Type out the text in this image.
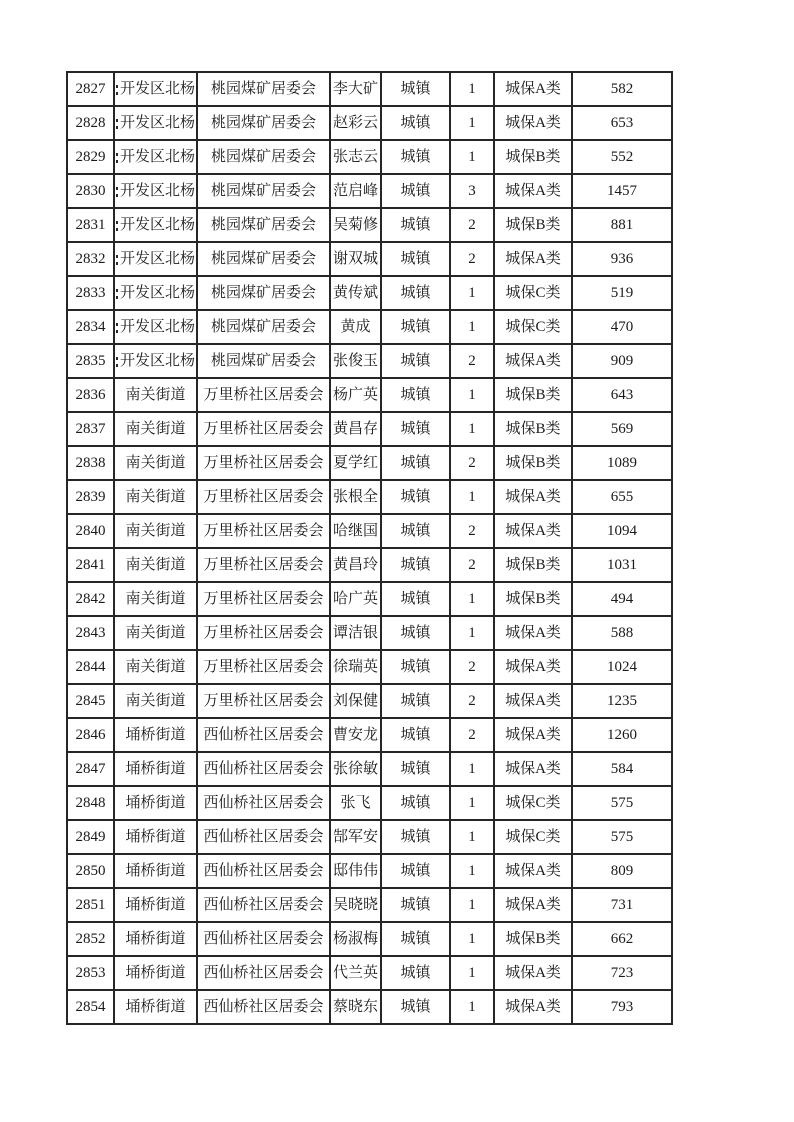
2827	开发区北杨	桃园煤矿居委会	李大矿	城镇	1	城保A类	582
2828	开发区北杨	桃园煤矿居委会	赵彩云	城镇	1	城保A类	653
2829	开发区北杨	桃园煤矿居委会	张志云	城镇	1	城保B类	552
2830	开发区北杨	桃园煤矿居委会	范启峰	城镇	3	城保A类	1457
2831	开发区北杨	桃园煤矿居委会	吴菊修	城镇	2	城保B类	881
2832	开发区北杨	桃园煤矿居委会	谢双城	城镇	2	城保A类	936
2833	开发区北杨	桃园煤矿居委会	黄传斌	城镇	1	城保C类	519
2834	开发区北杨	桃园煤矿居委会	黄成	城镇	1	城保C类	470
2835	开发区北杨	桃园煤矿居委会	张俊玉	城镇	2	城保A类	909
2836	南关街道	万里桥社区居委会	杨广英	城镇	1	城保B类	643
2837	南关街道	万里桥社区居委会	黄昌存	城镇	1	城保B类	569
2838	南关街道	万里桥社区居委会	夏学红	城镇	2	城保B类	1089
2839	南关街道	万里桥社区居委会	张根全	城镇	1	城保A类	655
2840	南关街道	万里桥社区居委会	哈继国	城镇	2	城保A类	1094
2841	南关街道	万里桥社区居委会	黄昌玲	城镇	2	城保B类	1031
2842	南关街道	万里桥社区居委会	哈广英	城镇	1	城保B类	494
2843	南关街道	万里桥社区居委会	谭洁银	城镇	1	城保A类	588
2844	南关街道	万里桥社区居委会	徐瑞英	城镇	2	城保A类	1024
2845	南关街道	万里桥社区居委会	刘保健	城镇	2	城保A类	1235
2846	埇桥街道	西仙桥社区居委会	曹安龙	城镇	2	城保A类	1260
2847	埇桥街道	西仙桥社区居委会	张徐敏	城镇	1	城保A类	584
2848	埇桥街道	西仙桥社区居委会	张飞	城镇	1	城保C类	575
2849	埇桥街道	西仙桥社区居委会	郜军安	城镇	1	城保C类	575
2850	埇桥街道	西仙桥社区居委会	邸伟伟	城镇	1	城保A类	809
2851	埇桥街道	西仙桥社区居委会	吴晓晓	城镇	1	城保A类	731
2852	埇桥街道	西仙桥社区居委会	杨淑梅	城镇	1	城保B类	662
2853	埇桥街道	西仙桥社区居委会	代兰英	城镇	1	城保A类	723
2854	埇桥街道	西仙桥社区居委会	蔡晓东	城镇	1	城保A类	793
